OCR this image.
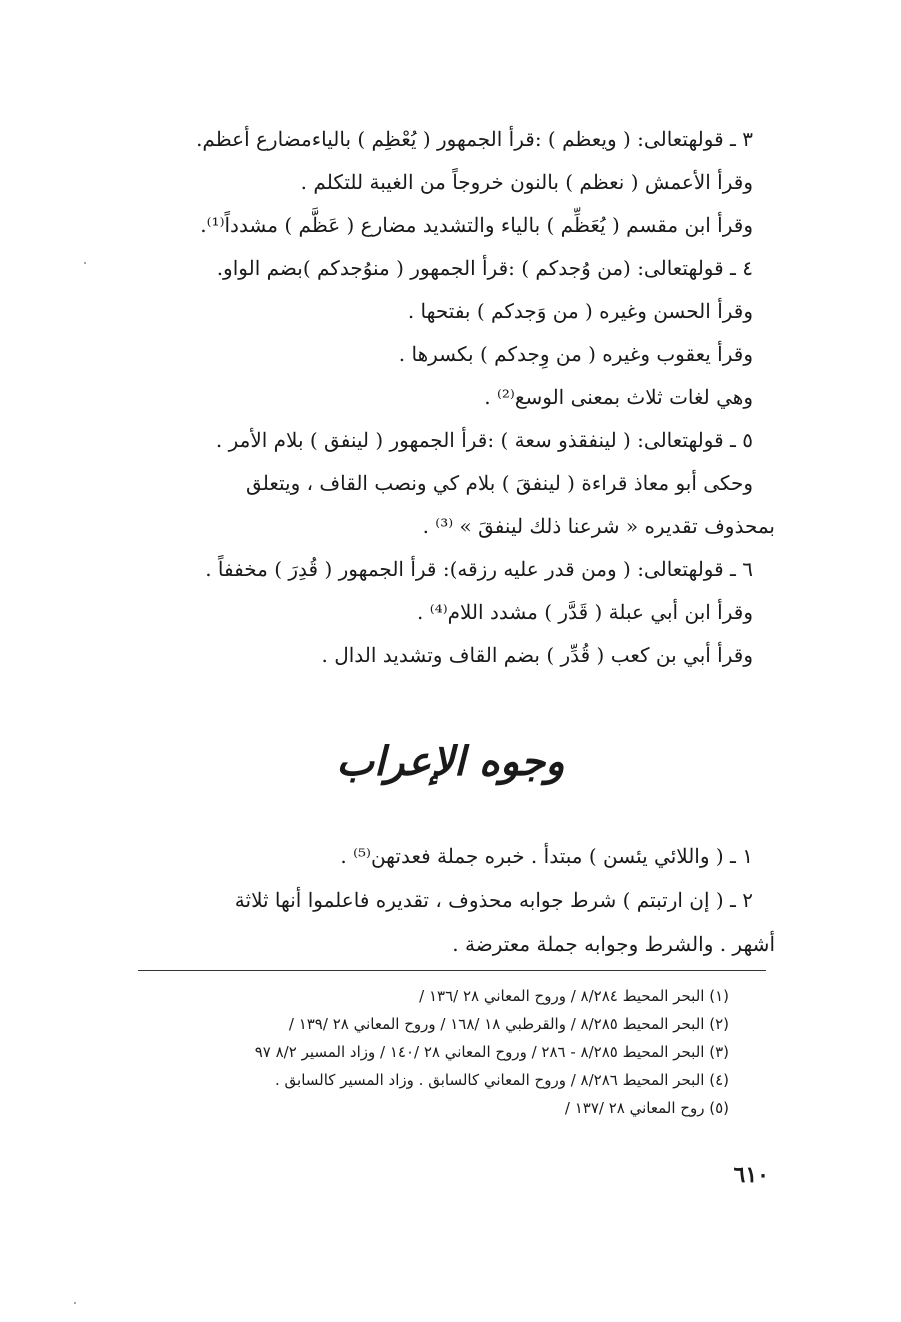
٣ ـ قولهتعالى: ( ويعظم ) :قرأ الجمهور ( يُعْظِم ) بالياءمضارع أعظم.
وقرأ الأعمش ( نعظم ) بالنون خروجاً من الغيبة للتكلم .
وقرأ ابن مقسم ( يُعَظِّم ) بالياء والتشديد مضارع ( عَظَّم ) مشدداً⁽¹⁾.
٤ ـ قولهتعالى: (من وُجدكم ) :قرأ الجمهور ( منوُجدكم )بضم الواو.
وقرأ الحسن وغيره ( من وَجدكم ) بفتحها .
وقرأ يعقوب وغيره ( من وِجدكم ) بكسرها .
وهي لغات ثلاث بمعنى الوسع⁽²⁾ .
٥ ـ قولهتعالى: ( لينفقذو سعة ) :قرأ الجمهور ( لينفق ) بلام الأمر .
وحكى أبو معاذ قراءة ( لينفقَ ) بلام كي ونصب القاف ، ويتعلق
بمحذوف تقديره « شرعنا ذلك لينفقَ » ⁽³⁾ .
٦ ـ قولهتعالى: ( ومن قدر عليه رزقه): قرأ الجمهور ( قُدِرَ ) مخففاً .
وقرأ ابن أبي عبلة ( قَدَّر ) مشدد اللام⁽⁴⁾ .
وقرأ أبي بن كعب ( قُدِّر ) بضم القاف وتشديد الدال .
وجوه الإعراب
١ ـ ( واللائي يئسن ) مبتدأ . خبره جملة فعدتهن⁽⁵⁾ .
٢ ـ ( إن ارتبتم ) شرط جوابه محذوف ، تقديره فاعلموا أنها ثلاثة
أشهر . والشرط وجوابه جملة معترضة .
(١) البحر المحيط ٨/٢٨٤ / وروح المعاني ٢٨ /١٣٦ /
(٢) البحر المحيط ٨/٢٨٥ / والقرطبي ١٨ /١٦٨ / وروح المعاني ٢٨ /١٣٩ /
(٣) البحر المحيط ٨/٢٨٥ - ٢٨٦ / وروح المعاني ٢٨ /١٤٠ / وزاد المسير ٨/٢ ٩٧
(٤) البحر المحيط ٨/٢٨٦ / وروح المعاني كالسابق . وزاد المسير كالسابق .
(٥) روح المعاني ٢٨ /١٣٧ /
٦١٠
